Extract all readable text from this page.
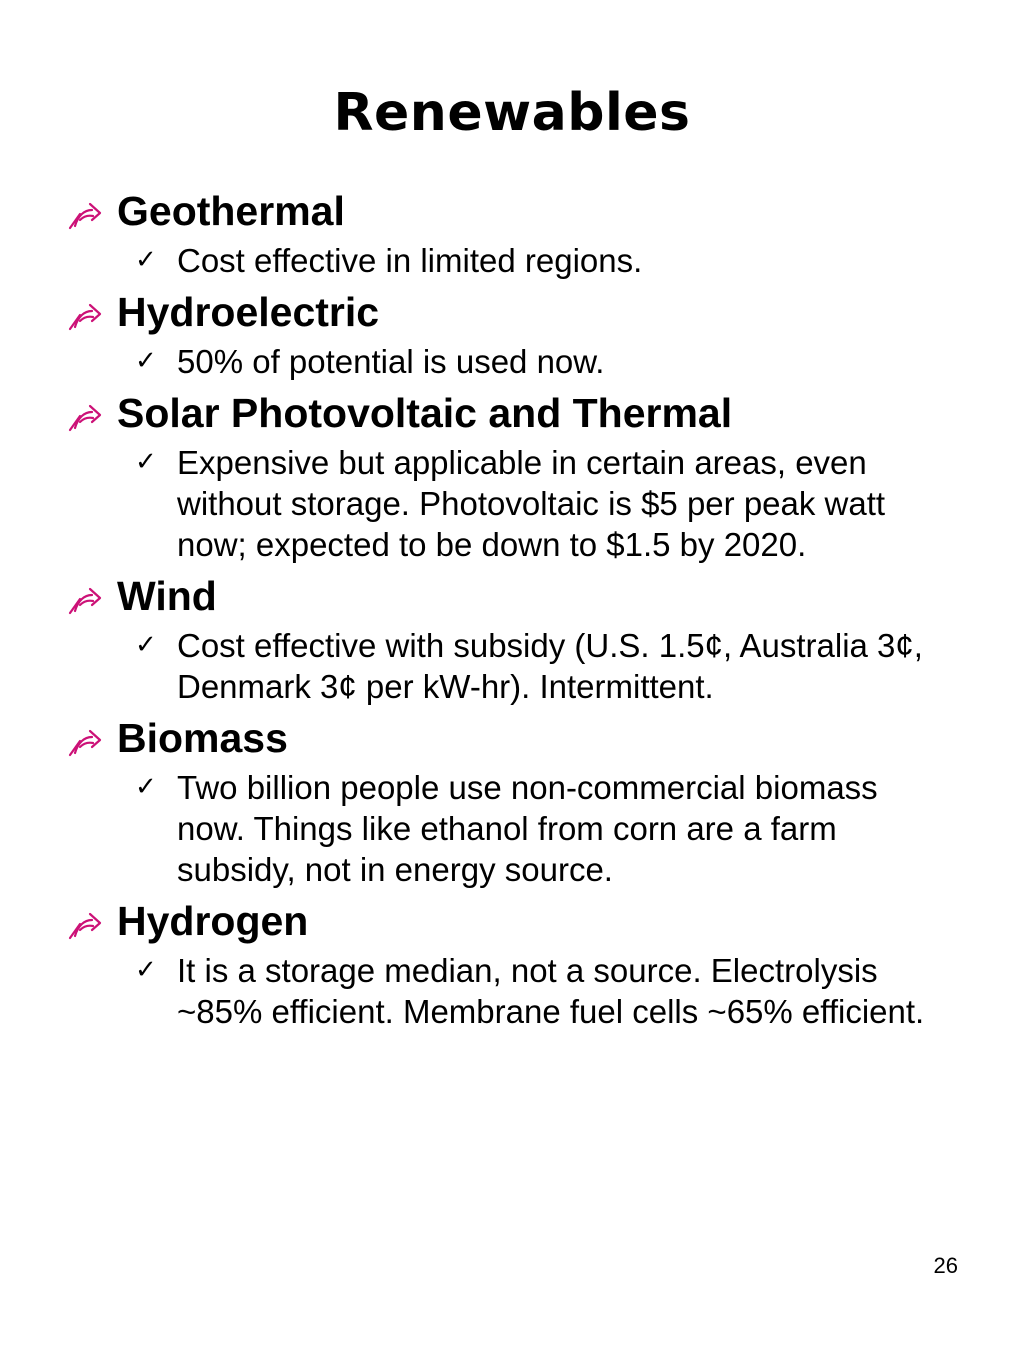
Renewables
Geothermal
✓ Cost effective in limited regions.
Hydroelectric
✓ 50% of potential is used now.
Solar Photovoltaic and Thermal
✓ Expensive but applicable in certain areas, even without storage. Photovoltaic is $5 per peak watt now; expected to be down to $1.5 by 2020.
Wind
✓ Cost effective with subsidy (U.S. 1.5¢, Australia 3¢, Denmark 3¢ per kW-hr). Intermittent.
Biomass
✓ Two billion people use non-commercial biomass now. Things like ethanol from corn are a farm subsidy, not in energy source.
Hydrogen
✓ It is a storage median, not a source. Electrolysis ~85% efficient. Membrane fuel cells ~65% efficient.
26
